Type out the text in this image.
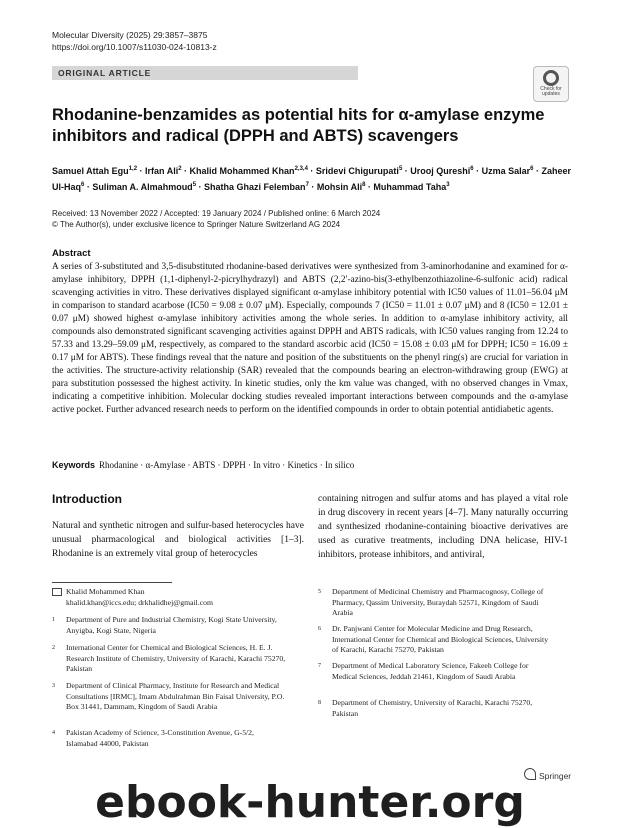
Molecular Diversity (2025) 29:3857–3875
https://doi.org/10.1007/s11030-024-10813-z
ORIGINAL ARTICLE
Check for updates
Rhodanine-benzamides as potential hits for α-amylase enzyme inhibitors and radical (DPPH and ABTS) scavengers
Samuel Attah Egu$^{1,2}$ · Irfan Ali$^2$ · Khalid Mohammed Khan$^{2,3,4}$ · Sridevi Chigurupati$^5$ · Urooj Qureshi$^6$ · Uzma Salar$^6$ · Zaheer Ul-Haq$^6$ · Suliman A. Almahmoud$^5$ · Shatha Ghazi Felemban$^7$ · Mohsin Ali$^8$ · Muhammad Taha$^3$
Received: 13 November 2022 / Accepted: 19 January 2024 / Published online: 6 March 2024
© The Author(s), under exclusive licence to Springer Nature Switzerland AG 2024
Abstract
A series of 3-substituted and 3,5-disubstituted rhodanine-based derivatives were synthesized from 3-aminorhodanine and examined for α-amylase inhibitory, DPPH (1,1-diphenyl-2-picrylhydrazyl) and ABTS (2,2′-azino-bis(3-ethylbenzothiazoline-6-sulfonic acid) radical scavenging activities in vitro. These derivatives displayed significant α-amylase inhibitory potential with IC50 values of 11.01–56.04 μM in comparison to standard acarbose (IC50 = 9.08 ± 0.07 μM). Especially, compounds 7 (IC50 = 11.01 ± 0.07 μM) and 8 (IC50 = 12.01 ± 0.07 μM) showed highest α-amylase inhibitory activities among the whole series. In addition to α-amylase inhibitory activity, all compounds also demonstrated significant scavenging activities against DPPH and ABTS radicals, with IC50 values ranging from 12.24 to 57.33 and 13.29–59.09 μM, respectively, as compared to the standard ascorbic acid (IC50 = 15.08 ± 0.03 μM for DPPH; IC50 = 16.09 ± 0.17 μM for ABTS). These findings reveal that the nature and position of the substituents on the phenyl ring(s) are crucial for variation in the activities. The structure-activity relationship (SAR) revealed that the compounds bearing an electron-withdrawing group (EWG) at para substitution possessed the highest activity. In kinetic studies, only the km value was changed, with no observed changes in Vmax, indicating a competitive inhibition. Molecular docking studies revealed important interactions between compounds and the α-amylase active pocket. Further advanced research needs to perform on the identified compounds in order to obtain potential antidiabetic agents.
Keywords Rhodanine · α-Amylase · ABTS · DPPH · In vitro · Kinetics · In silico
Introduction
Natural and synthetic nitrogen and sulfur-based heterocycles have unusual pharmacological and biological activities [1–3]. Rhodanine is an extremely vital group of heterocycles
containing nitrogen and sulfur atoms and has played a vital role in drug discovery in recent years [4–7]. Many naturally occurring and synthesized rhodanine-containing bioactive derivatives are used as curative treatments, including DNA helicase, HIV-1 inhibitors, protease inhibitors, and antiviral,
Khalid Mohammed Khan
khalid.khan@iccs.edu; drkhalidhej@gmail.com
Springer
ebook-hunter.org
1 Department of Pure and Industrial Chemistry, Kogi State University, Anyigba, Kogi State, Nigeria
2 International Center for Chemical and Biological Sciences, H. E. J. Research Institute of Chemistry, University of Karachi, Karachi 75270, Pakistan
3 Department of Clinical Pharmacy, Institute for Research and Medical Consultations [IRMC], Imam Abdulrahman Bin Faisal University, P.O. Box 31441, Dammam, Kingdom of Saudi Arabia
4 Pakistan Academy of Science, 3-Constitution Avenue, G-5/2, Islamabad 44000, Pakistan
5 Department of Medicinal Chemistry and Pharmacognosy, College of Pharmacy, Qassim University, Buraydah 52571, Kingdom of Saudi Arabia
6 Dr. Panjwani Center for Molecular Medicine and Drug Research, International Center for Chemical and Biological Sciences, University of Karachi, Karachi 75270, Pakistan
7 Department of Medical Laboratory Science, Fakeeh College for Medical Sciences, Jeddah 21461, Kingdom of Saudi Arabia
8 Department of Chemistry, University of Karachi, Karachi 75270, Pakistan
